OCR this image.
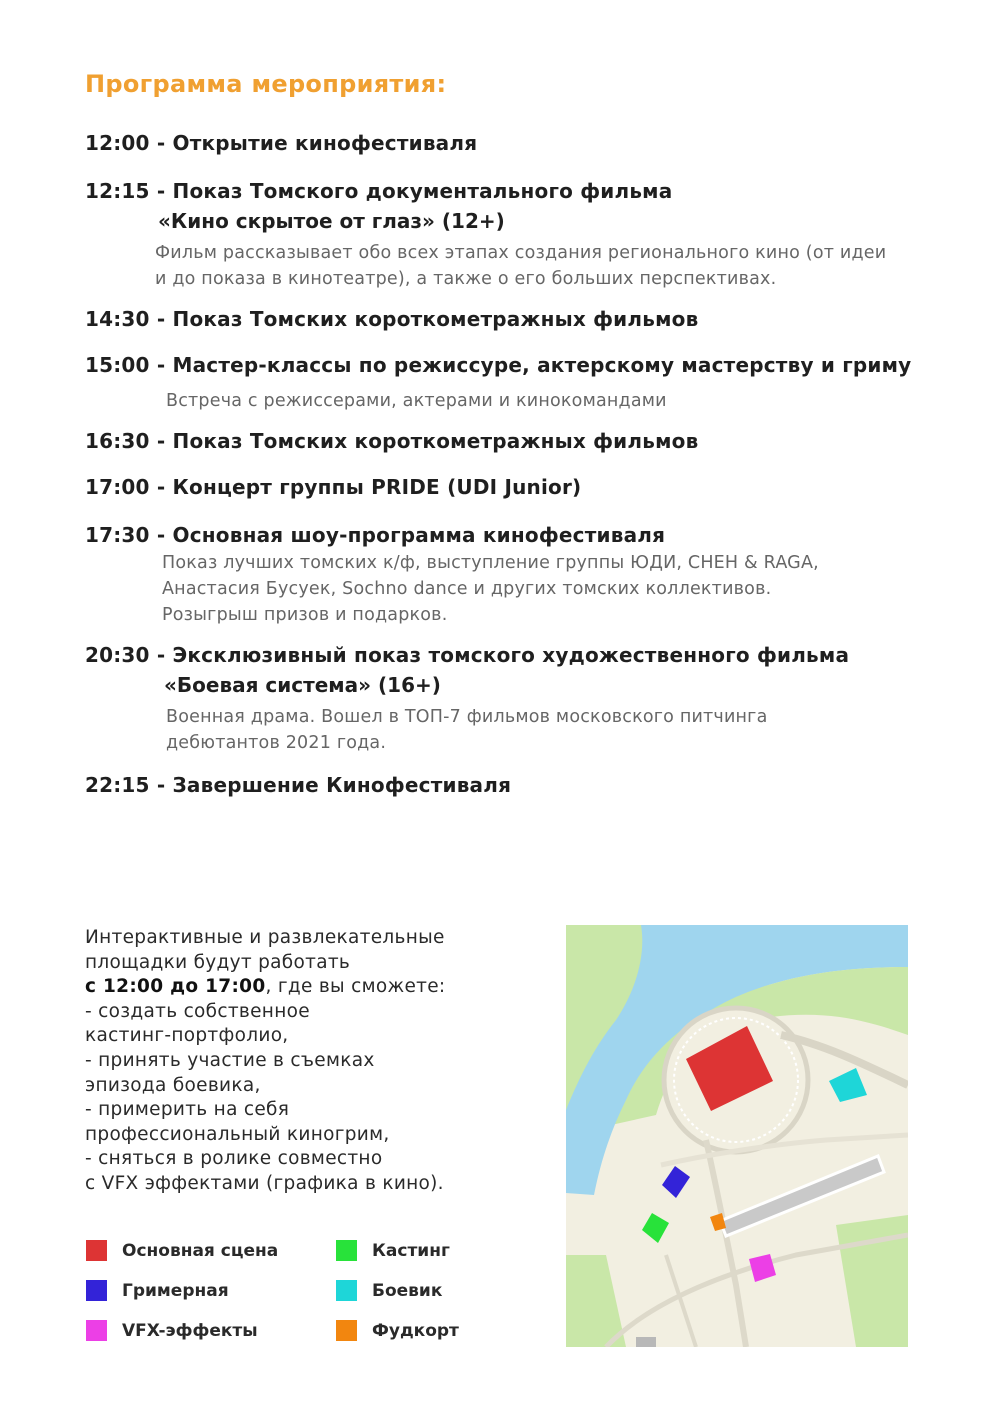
Программа мероприятия:
12:00 - Открытие кинофестиваля
12:15 - Показ Томского документального фильма
«Кино скрытое от глаз» (12+)
Фильм рассказывает обо всех этапах создания регионального кино (от идеи
и до показа в кинотеатре), а также о его больших перспективах.
14:30 - Показ Томских короткометражных фильмов
15:00 - Мастер-классы по режиссуре, актерскому мастерству и гриму
Встреча с режиссерами, актерами и кинокомандами
16:30 - Показ Томских короткометражных фильмов
17:00 - Концерт группы PRIDE (UDI Junior)
17:30 - Основная шоу-программа кинофестиваля
Показ лучших томских к/ф, выступление группы ЮДИ, CHEH & RAGA,
Анастасия Бусуек, Sochno dance и других томских коллективов.
Розыгрыш призов и подарков.
20:30 - Эксклюзивный показ томского художественного фильма
«Боевая система» (16+)
Военная драма. Вошел в ТОП-7 фильмов московского питчинга
дебютантов 2021 года.
22:15 - Завершение Кинофестиваля
Интерактивные и развлекательные
площадки будут работать
с 12:00 до 17:00, где вы сможете:
- создать собственное
кастинг-портфолио,
- принять участие в съемках
эпизода боевика,
- примерить на себя
профессиональный киногрим,
- сняться в ролике совместно
с VFX эффектами (графика в кино).
Основная сцена	Кастинг
Гримерная	Боевик
VFX-эффекты	Фудкорт
